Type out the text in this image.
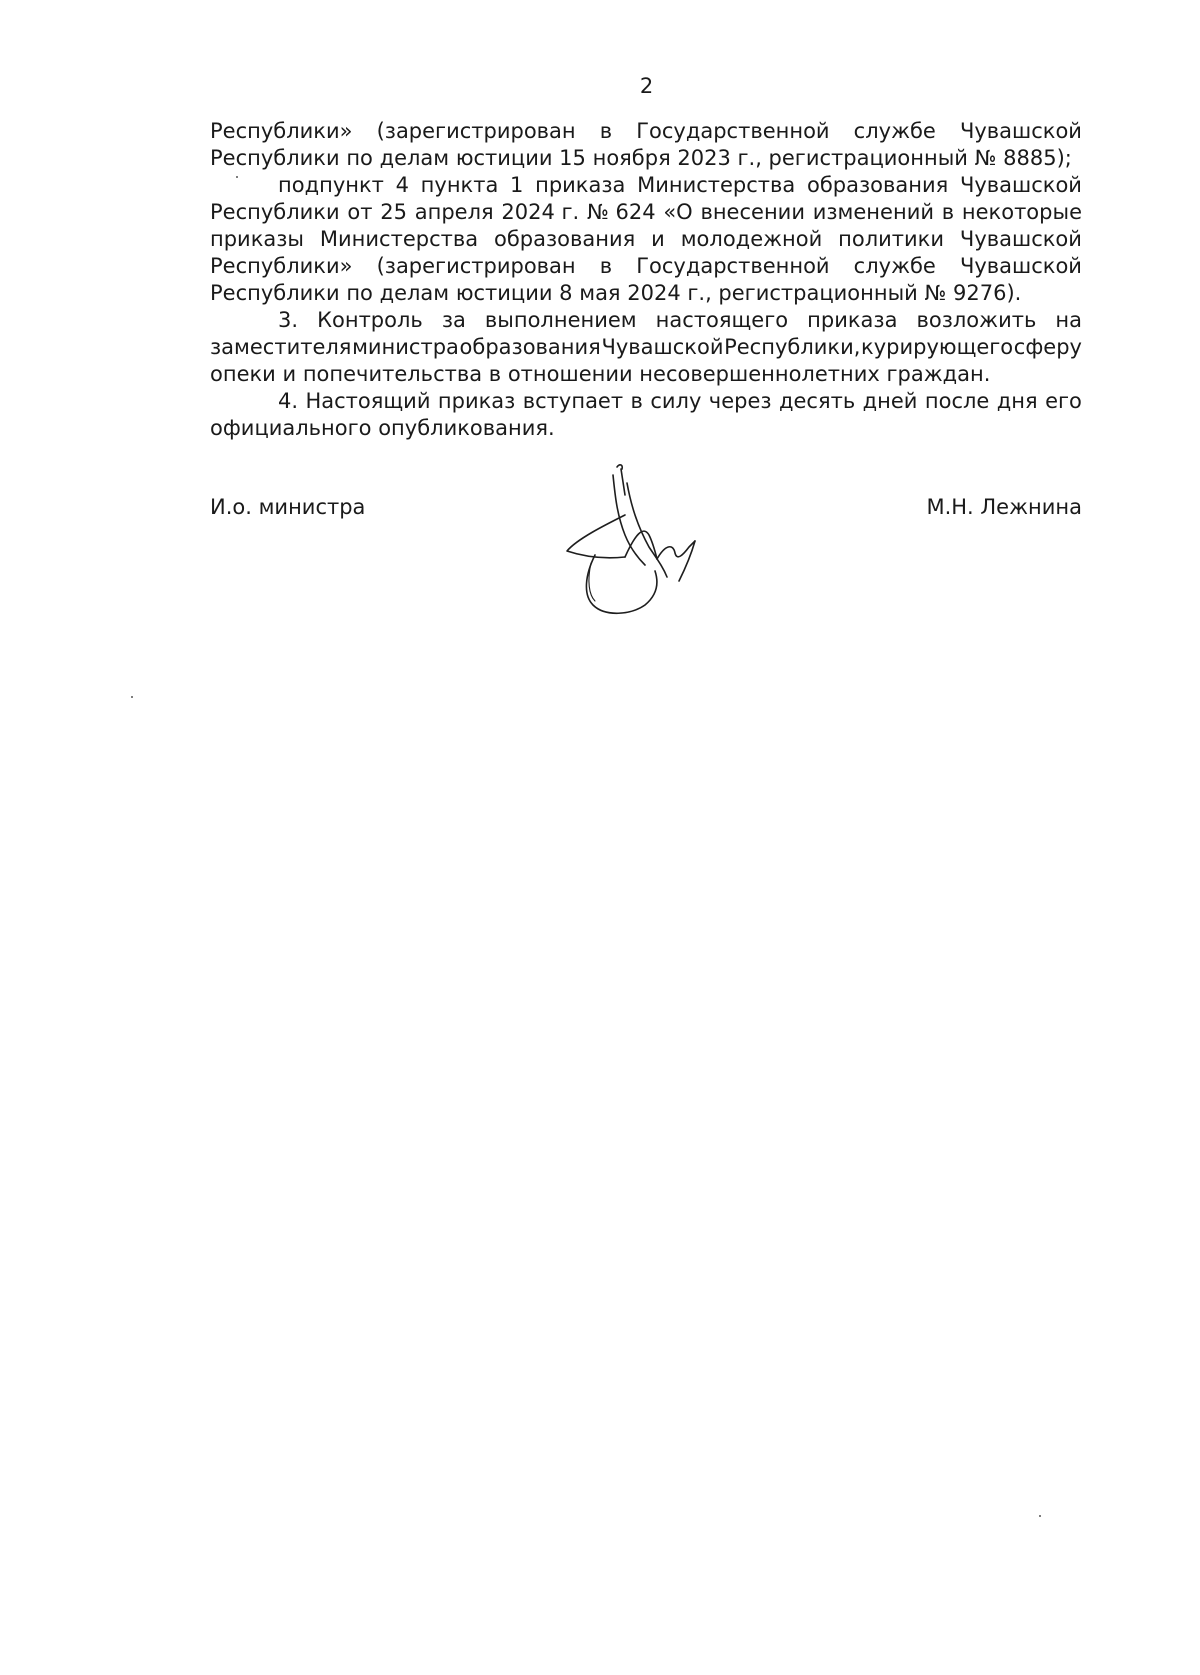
2
Республики» (зарегистрирован в Государственной службе Чувашской
Республики по делам юстиции 15 ноября 2023 г., регистрационный № 8885);
подпункт 4 пункта 1 приказа Министерства образования Чувашской
Республики от 25 апреля 2024 г. № 624 «О внесении изменений в некоторые
приказы Министерства образования и молодежной политики Чувашской
Республики» (зарегистрирован в Государственной службе Чувашской
Республики по делам юстиции 8 мая 2024 г., регистрационный № 9276).
3. Контроль за выполнением настоящего приказа возложить на
заместителя министра образования Чувашской Республики, курирующего сферу
опеки и попечительства в отношении несовершеннолетних граждан.
4. Настоящий приказ вступает в силу через десять дней после дня его
официального опубликования.
И.о. министра	М.Н. Лежнина
